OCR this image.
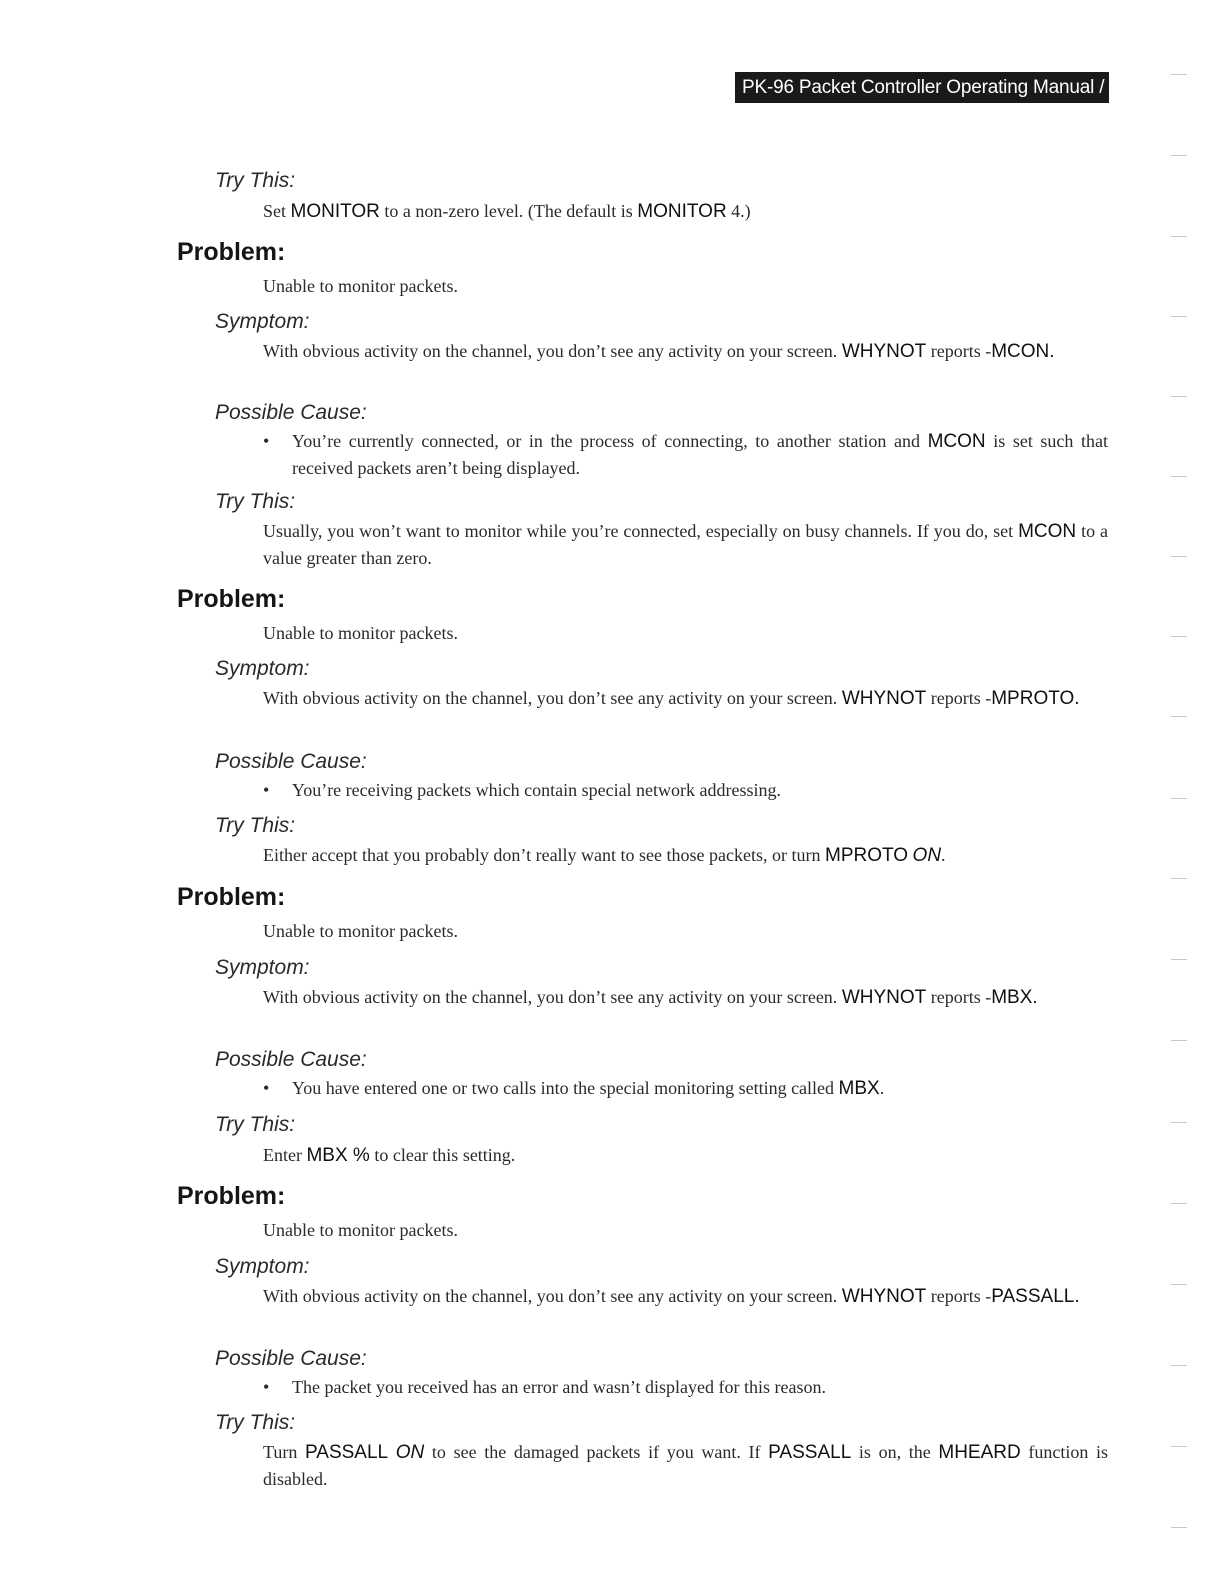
PK-96 Packet Controller Operating Manual / 131
Try This:
Set MONITOR to a non-zero level. (The default is MONITOR 4.)
Problem:
Unable to monitor packets.
Symptom:
With obvious activity on the channel, you don’t see any activity on your screen. WHYNOT reports -MCON.
Possible Cause:
•	You’re currently connected, or in the process of connecting, to another station and MCON is set such that received packets aren’t being displayed.
Try This:
Usually, you won’t want to monitor while you’re connected, especially on busy channels. If you do, set MCON to a value greater than zero.
Problem:
Unable to monitor packets.
Symptom:
With obvious activity on the channel, you don’t see any activity on your screen. WHYNOT reports -MPROTO.
Possible Cause:
•	You’re receiving packets which contain special network addressing.
Try This:
Either accept that you probably don’t really want to see those packets, or turn MPROTO ON.
Problem:
Unable to monitor packets.
Symptom:
With obvious activity on the channel, you don’t see any activity on your screen. WHYNOT reports -MBX.
Possible Cause:
•	You have entered one or two calls into the special monitoring setting called MBX.
Try This:
Enter MBX % to clear this setting.
Problem:
Unable to monitor packets.
Symptom:
With obvious activity on the channel, you don’t see any activity on your screen. WHYNOT reports -PASSALL.
Possible Cause:
•	The packet you received has an error and wasn’t displayed for this reason.
Try This:
Turn PASSALL ON to see the damaged packets if you want. If PASSALL is on, the MHEARD function is disabled.
